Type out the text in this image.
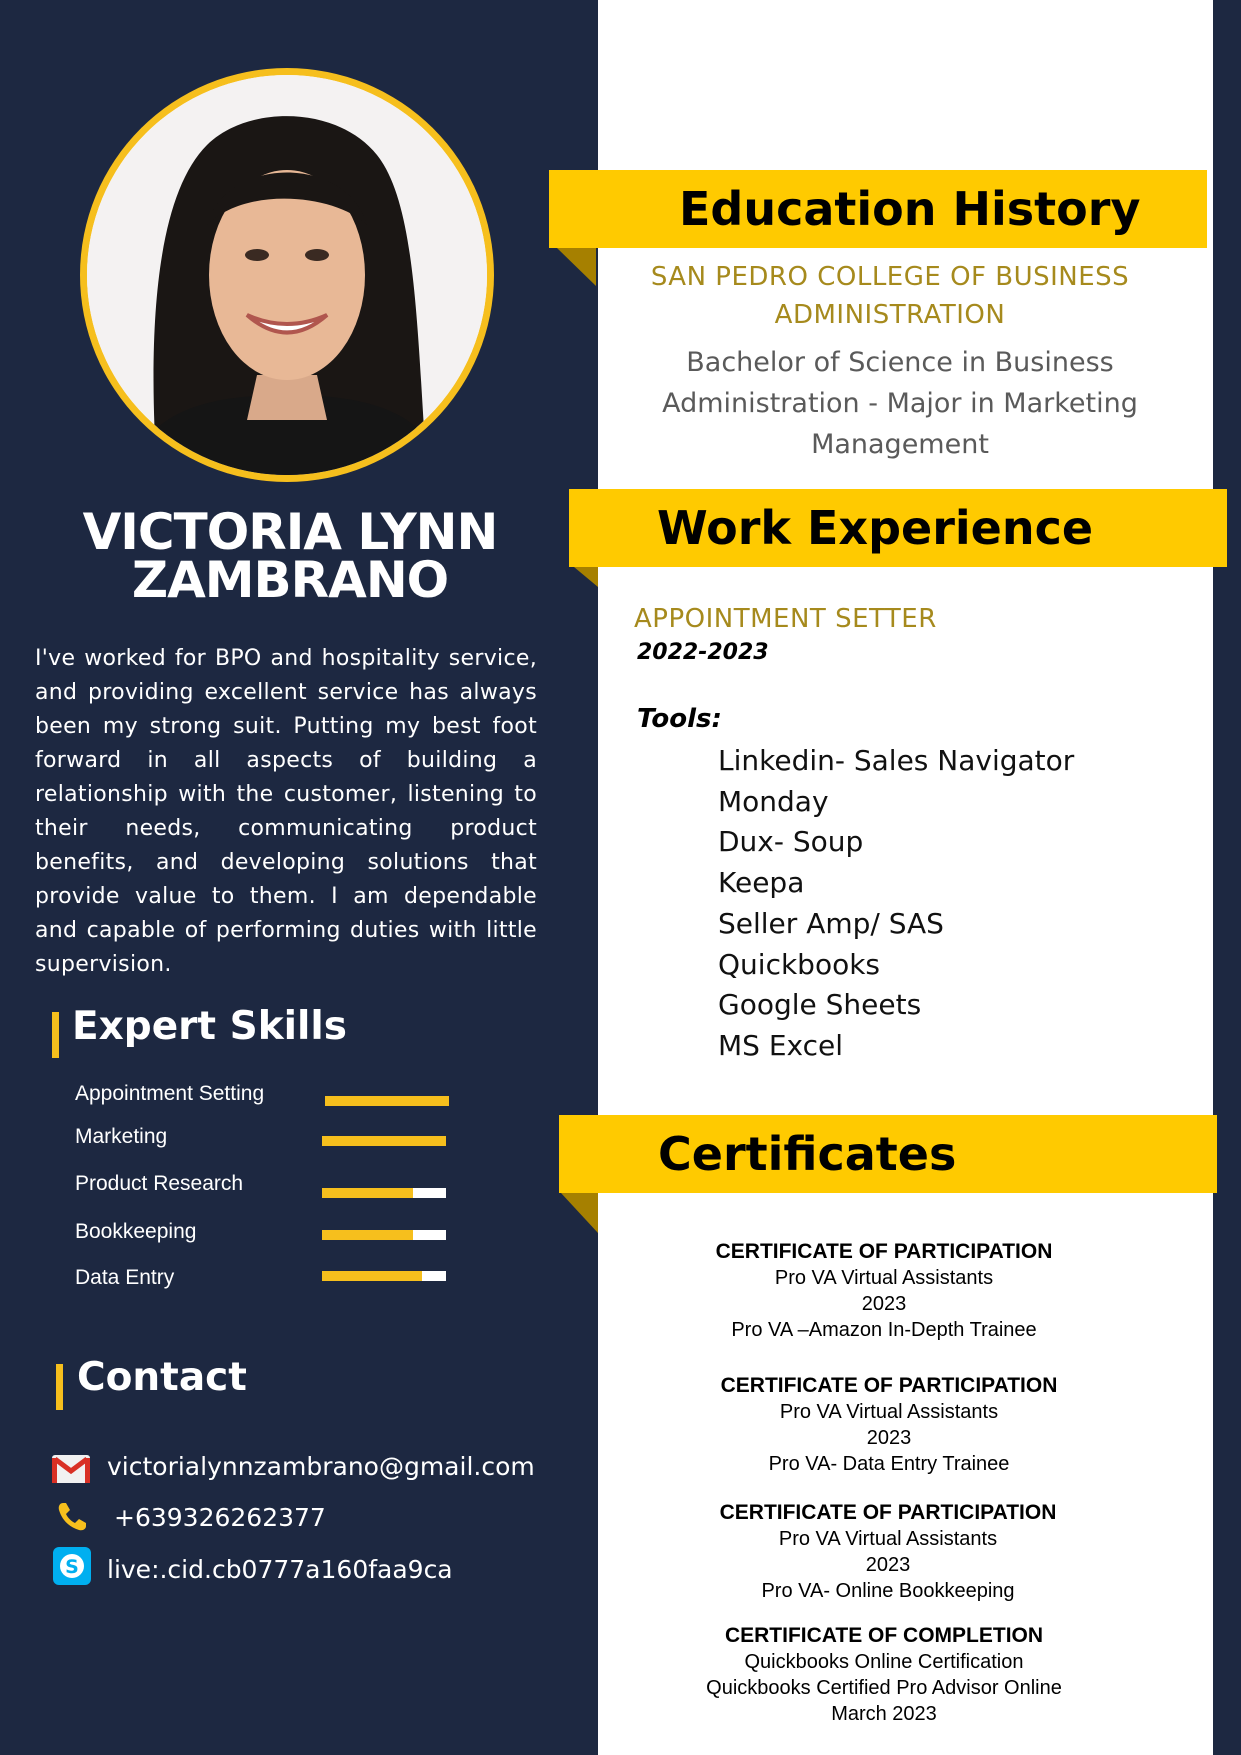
VICTORIA LYNN
ZAMBRANO
I've worked for BPO and hospitality service, and providing excellent service has always been my strong suit. Putting my best foot forward in all aspects of building a relationship with the customer, listening to their needs, communicating product benefits, and developing solutions that provide value to them. I am dependable and capable of performing duties with little supervision.
Expert Skills
Appointment Setting
Marketing
Product Research
Bookkeeping
Data Entry
Contact
victorialynnzambrano@gmail.com
+639326262377
S live:.cid.cb0777a160faa9ca
Education History
SAN PEDRO COLLEGE OF BUSINESS ADMINISTRATION
Bachelor of Science in Business Administration - Major in Marketing Management
Work Experience
APPOINTMENT SETTER
2022-2023
Tools:
Linkedin- Sales Navigator
Monday
Dux- Soup
Keepa
Seller Amp/ SAS
Quickbooks
Google Sheets
MS Excel
Certificates
CERTIFICATE OF PARTICIPATION
Pro VA Virtual Assistants
2023
Pro VA –Amazon In-Depth Trainee
CERTIFICATE OF PARTICIPATION
Pro VA Virtual Assistants
2023
Pro VA- Data Entry Trainee
CERTIFICATE OF PARTICIPATION
Pro VA Virtual Assistants
2023
Pro VA- Online Bookkeeping
CERTIFICATE OF COMPLETION
Quickbooks Online Certification
Quickbooks Certified Pro Advisor Online
March 2023
